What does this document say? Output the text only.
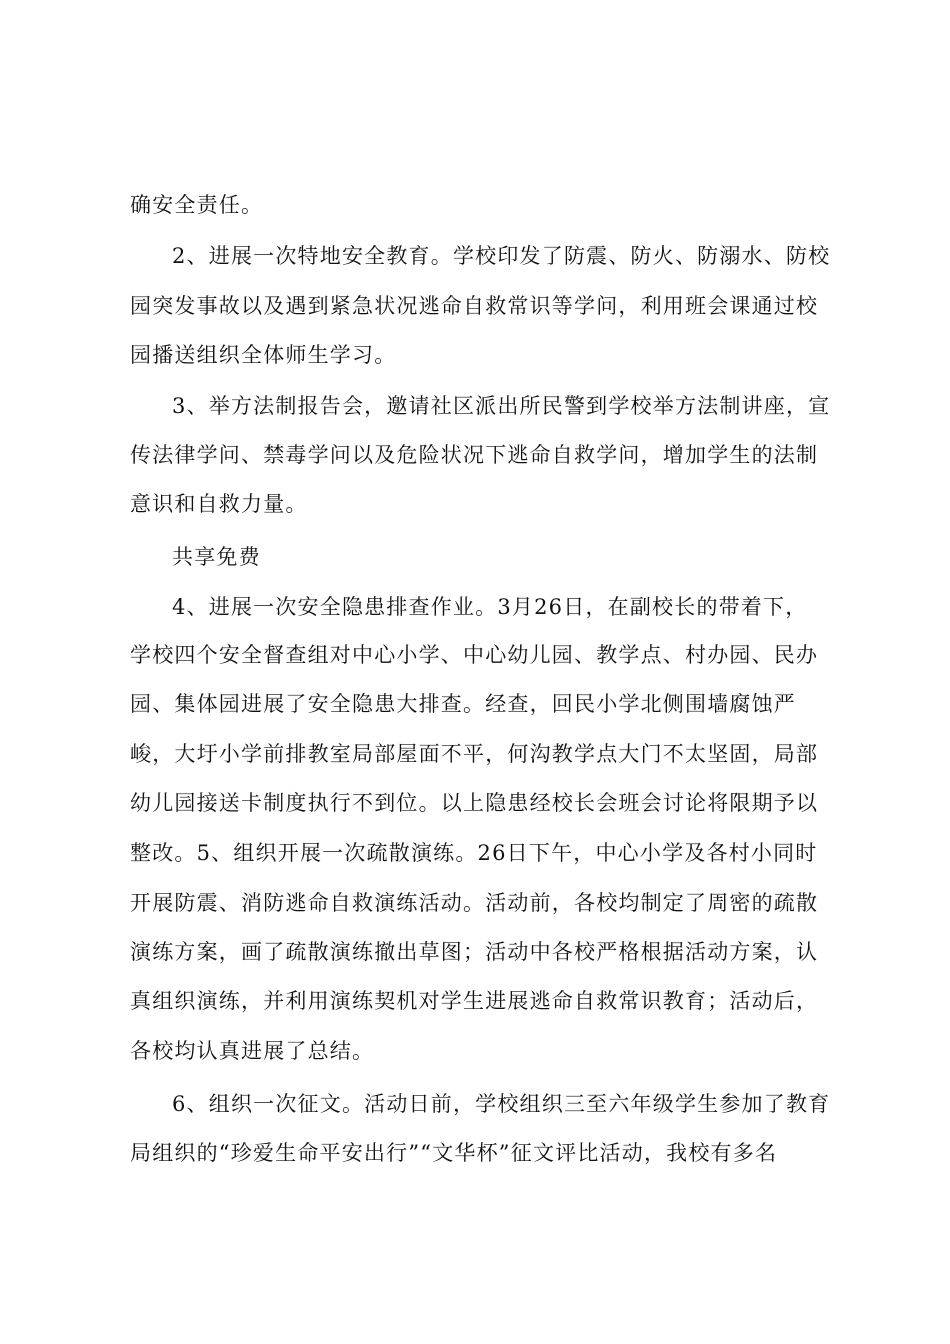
确安全责任。
2、进展一次特地安全教育。学校印发了防震、防火、防溺水、防校
园突发事故以及遇到紧急状况逃命自救常识等学问，利用班会课通过校
园播送组织全体师生学习。
3、举方法制报告会，邀请社区派出所民警到学校举方法制讲座，宣
传法律学问、禁毒学问以及危险状况下逃命自救学问，增加学生的法制
意识和自救力量。
共享免费
4、进展一次安全隐患排查作业。3月26日，在副校长的带着下，
学校四个安全督查组对中心小学、中心幼儿园、教学点、村办园、民办
园、集体园进展了安全隐患大排查。经查，回民小学北侧围墙腐蚀严
峻，大圩小学前排教室局部屋面不平，何沟教学点大门不太坚固，局部
幼儿园接送卡制度执行不到位。以上隐患经校长会班会讨论将限期予以
整改。5、组织开展一次疏散演练。26日下午，中心小学及各村小同时
开展防震、消防逃命自救演练活动。活动前，各校均制定了周密的疏散
演练方案，画了疏散演练撤出草图；活动中各校严格根据活动方案，认
真组织演练，并利用演练契机对学生进展逃命自救常识教育；活动后，
各校均认真进展了总结。
6、组织一次征文。活动日前，学校组织三至六年级学生参加了教育
局组织的“珍爱生命平安出行”“文华杯”征文评比活动，我校有多名
